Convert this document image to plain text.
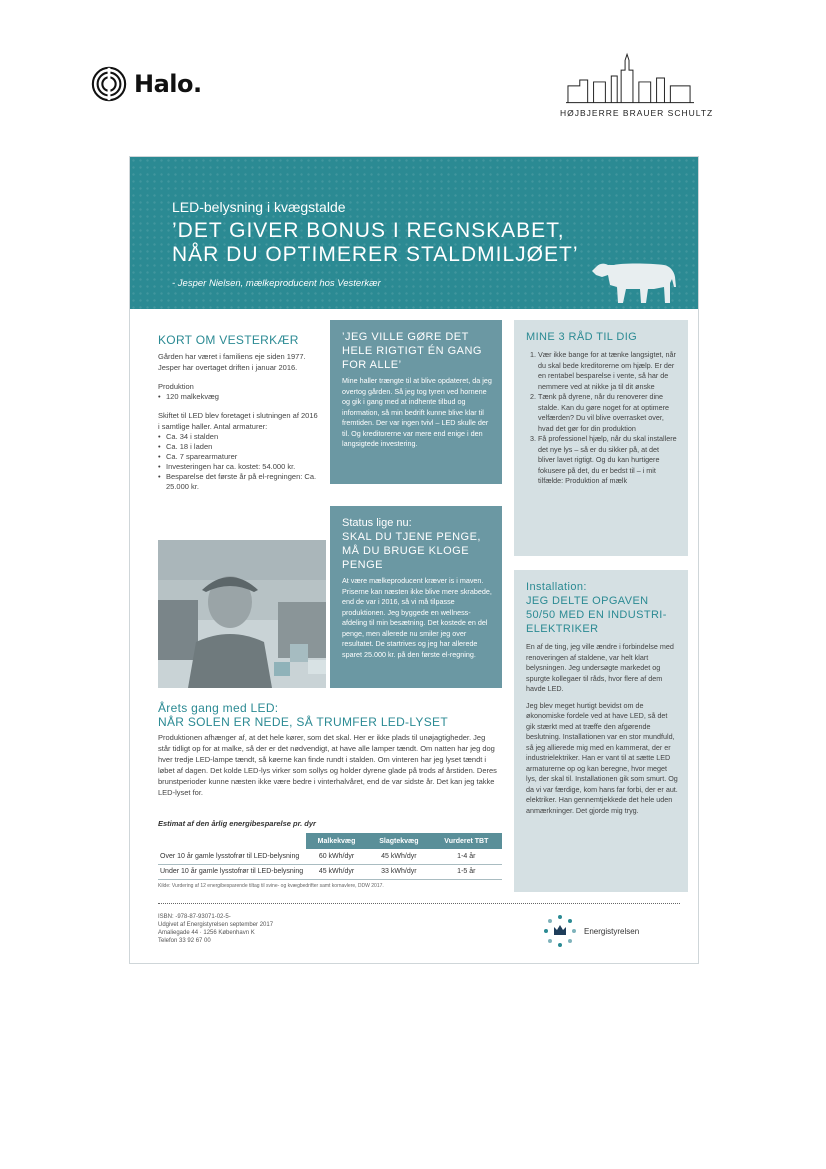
Halo.
HØJBJERRE BRAUER SCHULTZ
LED-belysning i kvægstalde
’DET GIVER BONUS I REGNSKABET, NÅR DU OPTIMERER STALDMILJØET’
- Jesper Nielsen, mælkeproducent hos Vesterkær
KORT OM VESTERKÆR

Gården har været i familiens eje siden 1977. Jesper har overtaget driften i januar 2016.

Produktion

• 120 malkekvæg

Skiftet til LED blev foretaget i slutningen af 2016 i samtlige haller. Antal armaturer:

• Ca. 34 i stalden
• Ca. 18 i laden
• Ca. 7 sparearmaturer
• Investeringen har ca. kostet: 54.000 kr.
• Besparelse det første år på el-regningen: Ca. 25.000 kr.
’JEG VILLE GØRE DET HELE RIGTIGT ÉN GANG FOR ALLE’
Mine haller trængte til at blive opdateret, da jeg overtog gården. Så jeg tog tyren ved hornene og gik i gang med at indhente tilbud og information, så min bedrift kunne blive klar til fremtiden. Der var ingen tvivl – LED skulle der til. Og kreditorerne var mere end enige i den langsigtede investering.
Status lige nu:
SKAL DU TJENE PENGE, MÅ DU BRUGE KLOGE PENGE
At være mælkeproducent kræver is i maven. Priserne kan næsten ikke blive mere skrabede, end de var i 2016, så vi må tilpasse produktionen. Jeg byggede en wellness-afdeling til min besætning. Det kostede en del penge, men allerede nu smiler jeg over resultatet. De startrives og jeg har allerede sparet 25.000 kr. på den første el-regning.
MINE 3 RÅD TIL DIG
1. Vær ikke bange for at tænke langsigtet, når du skal bede kreditorerne om hjælp. Er der en rentabel besparelse i vente, så har de nemmere ved at nikke ja til dit ønske
2. Tænk på dyrene, når du renoverer dine stalde. Kan du gøre noget for at optimere velfærden? Du vil blive overrasket over, hvad det gør for din produktion
3. Få professionel hjælp, når du skal installere det nye lys – så er du sikker på, at det bliver lavet rigtigt. Og du kan hurtigere fokusere på det, du er bedst til – i mit tilfælde: Produktion af mælk
Installation:
JEG DELTE OPGAVEN 50/50 MED EN INDUSTRI-ELEKTRIKER
En af de ting, jeg ville ændre i forbindelse med renoveringen af staldene, var helt klart belysningen. Jeg undersøgte markedet og spurgte kollegaer til råds, hvor flere af dem havde LED.
Jeg blev meget hurtigt bevidst om de økonomiske fordele ved at have LED, så det gik stærkt med at træffe den afgørende beslutning. Installationen var en stor mundfuld, så jeg allierede mig med en kammerat, der er industrielektriker. Han er vant til at sætte LED armaturerne op og kan beregne, hvor meget lys, der skal til. Installationen gik som smurt. Og da vi var færdige, kom hans far forbi, der er aut. elektriker. Han gennemtjekkede det hele uden anmærkninger. Det gjorde mig tryg.
Årets gang med LED:
NÅR SOLEN ER NEDE, SÅ TRUMFER LED-LYSET
Produktionen afhænger af, at det hele kører, som det skal. Her er ikke plads til unøjagtigheder. Jeg står tidligt op for at malke, så der er det nødvendigt, at have alle lamper tændt. Om natten har jeg dog hver tredje LED-lampe tændt, så køerne kan finde rundt i stalden. Om vinteren har jeg lyset tændt i løbet af dagen. Det kolde LED-lys virker som sollys og holder dyrene glade på trods af årstiden. Deres brunstperioder kunne næsten ikke være bedre i vinterhalvåret, end de var sidste år. Det kan jeg takke LED-lyset for.
Estimat af den årlig energibesparelse pr. dyr
	Malkekvæg	Slagtekvæg	Vurderet TBT
Over 10 år gamle lysstofrør til LED-belysning	60 kWh/dyr	45 kWh/dyr	1-4 år
Under 10 år gamle lysstofrør til LED-belysning	45 kWh/dyr	33 kWh/dyr	1-5 år
Kilde: Vurdering af 12 energibesparende tiltag til svine- og kvægbedrifter samt kornavlere, DDW 2017.
ISBN: -978-87-93071-02-5-
Udgivet af Energistyrelsen september 2017
Amaliegade 44 · 1256 København K
Telefon 33 92 67 00
Energistyrelsen
